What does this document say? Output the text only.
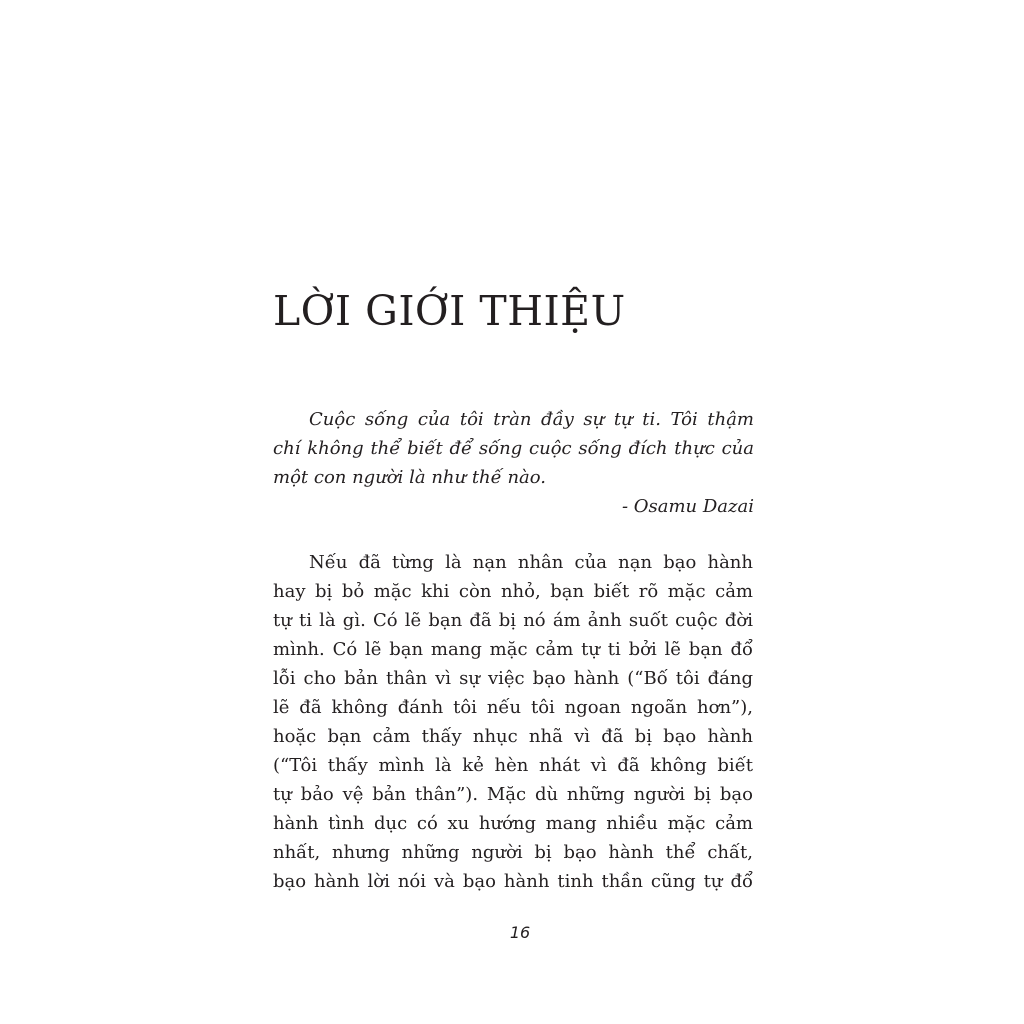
LỜI GIỚI THIỆU
Cuộc sống của tôi tràn đầy sự tự ti. Tôi thậm
chí không thể biết để sống cuộc sống đích thực của
một con người là như thế nào.
- Osamu Dazai
Nếu đã từng là nạn nhân của nạn bạo hành
hay bị bỏ mặc khi còn nhỏ, bạn biết rõ mặc cảm
tự ti là gì. Có lẽ bạn đã bị nó ám ảnh suốt cuộc đời
mình. Có lẽ bạn mang mặc cảm tự ti bởi lẽ bạn đổ
lỗi cho bản thân vì sự việc bạo hành (“Bố tôi đáng
lẽ đã không đánh tôi nếu tôi ngoan ngoãn hơn”),
hoặc bạn cảm thấy nhục nhã vì đã bị bạo hành
(“Tôi thấy mình là kẻ hèn nhát vì đã không biết
tự bảo vệ bản thân”). Mặc dù những người bị bạo
hành tình dục có xu hướng mang nhiều mặc cảm
nhất, nhưng những người bị bạo hành thể chất,
bạo hành lời nói và bạo hành tinh thần cũng tự đổ
16
